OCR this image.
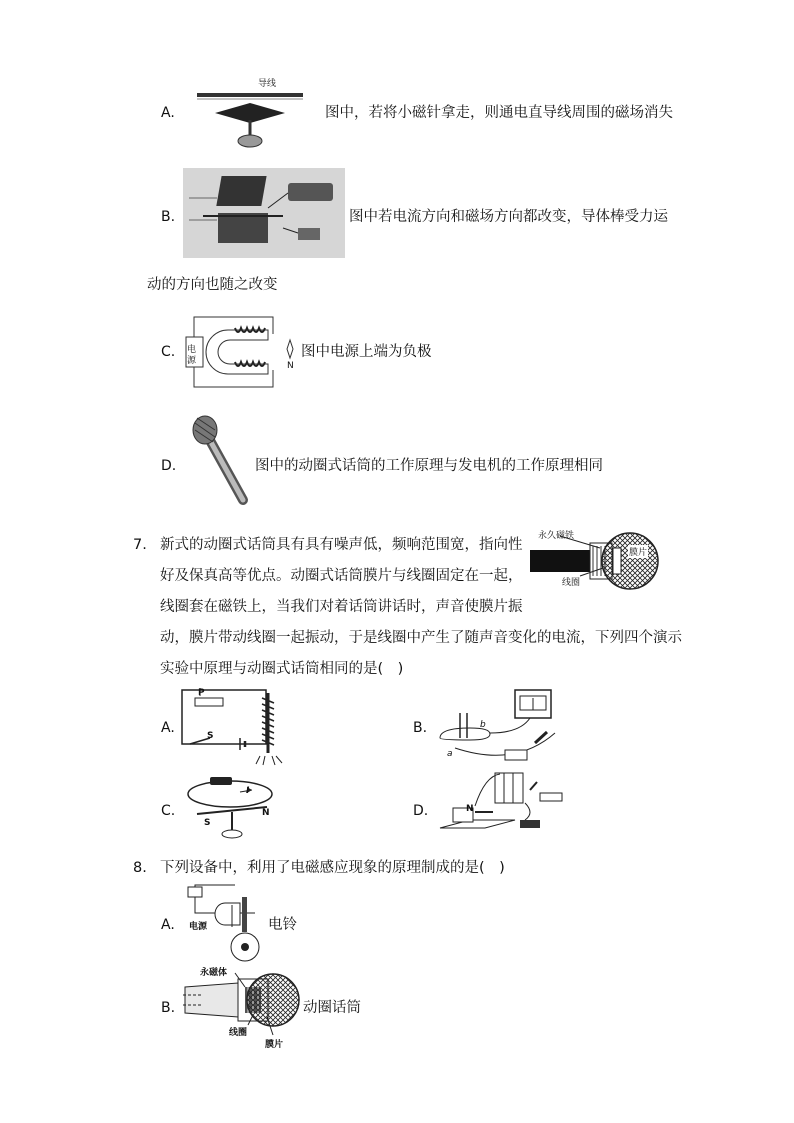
A.
导线
图中，若将小磁针拿走，则通电直导线周围的磁场消失
B.	图中若电流方向和磁场方向都改变，导体棒受力运
动的方向也随之改变
C. 电源	N
图中电源上端为负极
D.	图中的动圈式话筒的工作原理与发电机的工作原理相同
7. 新式的动圈式话筒具有具有噪声低，频响范围宽，指向性
好及保真高等优点。动圈式话筒膜片与线圈固定在一起，
线圈套在磁铁上，当我们对着话筒讲话时，声音使膜片振
动，膜片带动线圈一起振动，于是线圈中产生了随声音变化的电流，下列四个演示
实验中原理与动圈式话筒相同的是(　)
永久磁铁
膜片
线圈
A.
P
S	B.	b
a
C.
I
S
N	D.	N
8. 下列设备中，利用了电磁感应现象的原理制成的是(　)
A. 电源	电铃
B.
永磁体
线圈
膜片
动圈话筒
